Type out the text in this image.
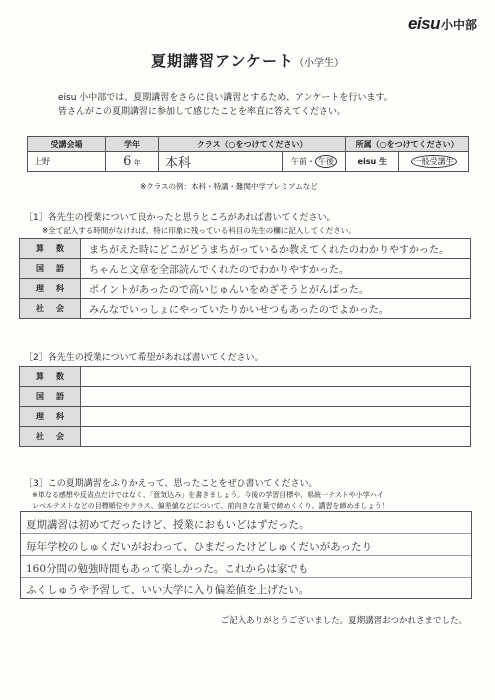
eisu 小中部
夏期講習アンケート（小学生）
eisu 小中部では、夏期講習をさらに良い講習とするため、アンケートを行います。
皆さんがこの夏期講習に参加して感じたことを率直に答えてください。
受講会場	学年	クラス（○をつけてください）		所属（○をつけてください）	
上野	6 年	本科	午前・ 午後	eisu 生	一般受講生
※クラスの例：本科・特講・難関中学プレミアムなど
［1］各先生の授業について良かったと思うところがあれば書いてください。
※全て記入する時間がなければ、特に印象に残っている科目の先生の欄に記入してください。
算数	まちがえた時にどこがどうまちがっているか教えてくれたのわかりやすかった。
国語	ちゃんと文章を全部読んでくれたのでわかりやすかった。
理科	ポイントがあったので高いじゅんいをめざそうとがんばった。
社会	みんなでいっしょにやっていたりかいせつもあったのでよかった。
［2］各先生の授業について希望があれば書いてください。
算数	
国語	
理科	
社会	
［3］この夏期講習をふりかえって、思ったことをぜひ書いてください。
※単なる感想や反省点だけではなく、「意気込み」を書きましょう。今後の学習目標や、県統一テストや小学ハイ
レベルテストなどの目標順位やクラス、偏差値などについて、前向きな言葉で締めくくり、講習を締めましょう！
夏期講習は初めてだったけど、授業におもいどはずだった。
毎年学校のしゅくだいがおわって、ひまだったけどしゅくだいがあったり
160分間の勉強時間もあって楽しかった。これからは家でも
ふくしゅうや予習して、いい大学に入り偏差値を上げたい。
ご記入ありがとうございました。夏期講習おつかれさまでした。
